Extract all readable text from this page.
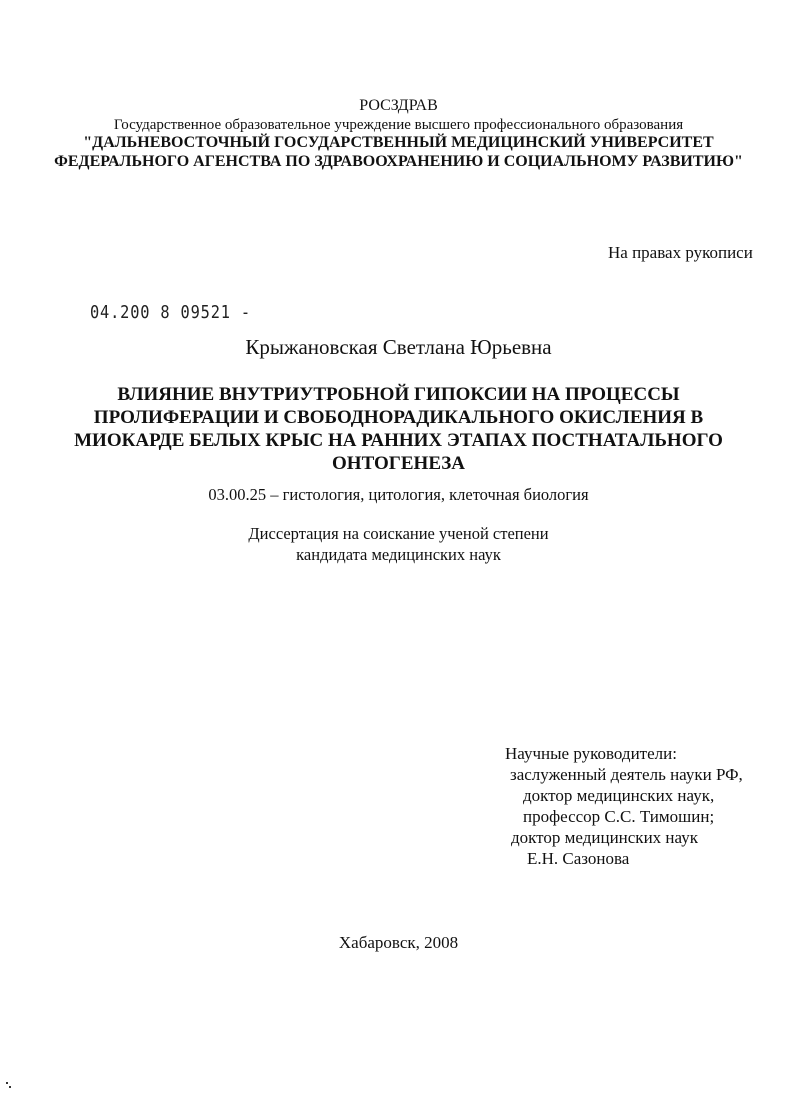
РОСЗДРАВ
Государственное образовательное учреждение высшего профессионального образования
"ДАЛЬНЕВОСТОЧНЫЙ ГОСУДАРСТВЕННЫЙ МЕДИЦИНСКИЙ УНИВЕРСИТЕТ
ФЕДЕРАЛЬНОГО АГЕНСТВА ПО ЗДРАВООХРАНЕНИЮ И СОЦИАЛЬНОМУ РАЗВИТИЮ"
На правах рукописи
04.200 8 09521 -
Крыжановская Светлана Юрьевна
ВЛИЯНИЕ ВНУТРИУТРОБНОЙ ГИПОКСИИ НА ПРОЦЕССЫ
ПРОЛИФЕРАЦИИ И СВОБОДНОРАДИКАЛЬНОГО ОКИСЛЕНИЯ В
МИОКАРДЕ БЕЛЫХ КРЫС НА РАННИХ ЭТАПАХ ПОСТНАТАЛЬНОГО
ОНТОГЕНЕЗА
03.00.25 – гистология, цитология, клеточная биология
Диссертация на соискание ученой степени
кандидата медицинских наук
Научные руководители:
заслуженный деятель науки РФ,
доктор медицинских наук,
профессор С.С. Тимошин;
доктор медицинских наук
Е.Н. Сазонова
Хабаровск, 2008
